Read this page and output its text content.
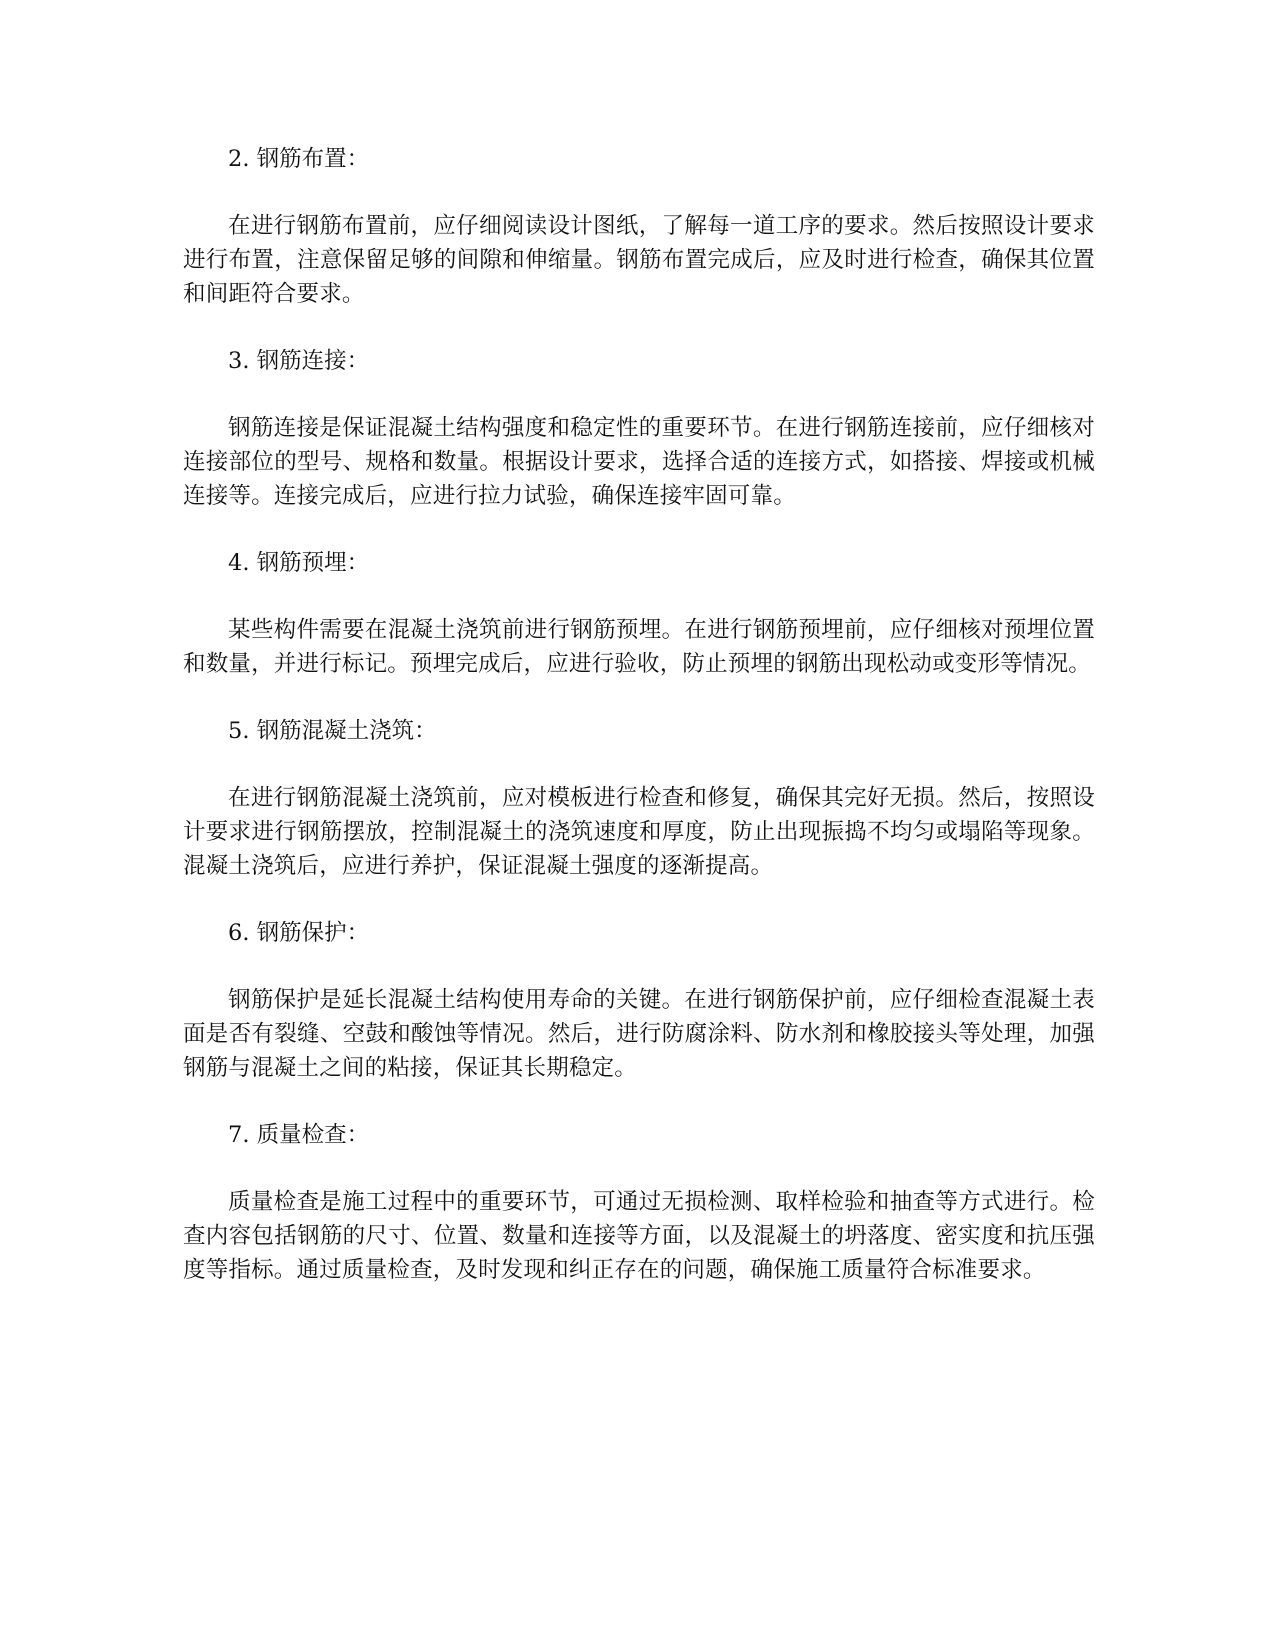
2. 钢筋布置：

在进行钢筋布置前，应仔细阅读设计图纸，了解每一道工序的要求。然后按照设计要求进行布置，注意保留足够的间隙和伸缩量。钢筋布置完成后，应及时进行检查，确保其位置和间距符合要求。

3. 钢筋连接：

钢筋连接是保证混凝土结构强度和稳定性的重要环节。在进行钢筋连接前，应仔细核对连接部位的型号、规格和数量。根据设计要求，选择合适的连接方式，如搭接、焊接或机械连接等。连接完成后，应进行拉力试验，确保连接牢固可靠。

4. 钢筋预埋：

某些构件需要在混凝土浇筑前进行钢筋预埋。在进行钢筋预埋前，应仔细核对预埋位置和数量，并进行标记。预埋完成后，应进行验收，防止预埋的钢筋出现松动或变形等情况。

5. 钢筋混凝土浇筑：

在进行钢筋混凝土浇筑前，应对模板进行检查和修复，确保其完好无损。然后，按照设计要求进行钢筋摆放，控制混凝土的浇筑速度和厚度，防止出现振捣不均匀或塌陷等现象。混凝土浇筑后，应进行养护，保证混凝土强度的逐渐提高。

6. 钢筋保护：

钢筋保护是延长混凝土结构使用寿命的关键。在进行钢筋保护前，应仔细检查混凝土表面是否有裂缝、空鼓和酸蚀等情况。然后，进行防腐涂料、防水剂和橡胶接头等处理，加强钢筋与混凝土之间的粘接，保证其长期稳定。

7. 质量检查：

质量检查是施工过程中的重要环节，可通过无损检测、取样检验和抽查等方式进行。检查内容包括钢筋的尺寸、位置、数量和连接等方面，以及混凝土的坍落度、密实度和抗压强度等指标。通过质量检查，及时发现和纠正存在的问题，确保施工质量符合标准要求。
